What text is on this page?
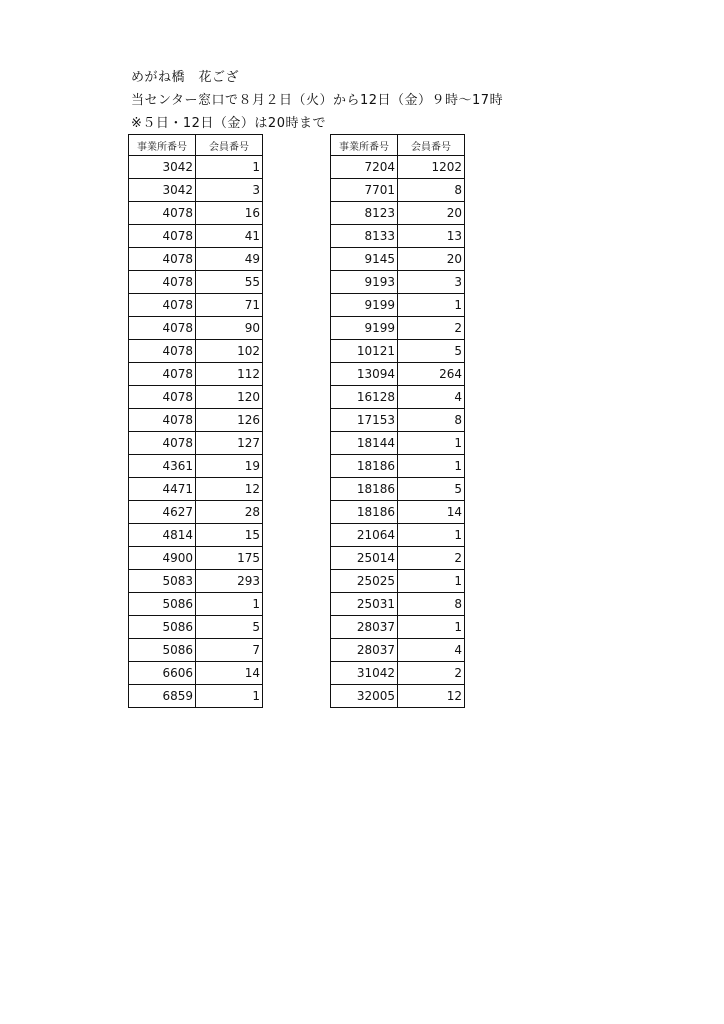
めがね橋　花ござ
当センター窓口で８月２日（火）から12日（金）９時〜17時
※５日・12日（金）は20時まで
事業所番号	会員番号
3042	1
3042	3
4078	16
4078	41
4078	49
4078	55
4078	71
4078	90
4078	102
4078	112
4078	120
4078	126
4078	127
4361	19
4471	12
4627	28
4814	15
4900	175
5083	293
5086	1
5086	5
5086	7
6606	14
6859	1
事業所番号	会員番号
7204	1202
7701	8
8123	20
8133	13
9145	20
9193	3
9199	1
9199	2
10121	5
13094	264
16128	4
17153	8
18144	1
18186	1
18186	5
18186	14
21064	1
25014	2
25025	1
25031	8
28037	1
28037	4
31042	2
32005	12
